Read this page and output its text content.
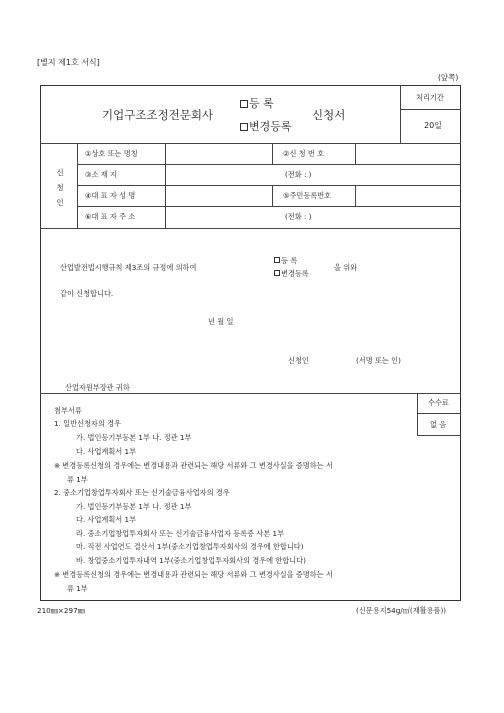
[별지 제1호 서식]
(앞쪽)
기업구조조정전문회사
등 록
변경등록
신청서
처리기간
20일
신
청
인
①상호 또는 명칭	②신 청 번 호
③소 재 지	(전화 : )
④대 표 자 성 명	⑤주민등록번호
⑥대 표 자 주 소	(전화 : )
산업발전법시행규칙 제3조의 규정에 의하여
등 록
변경등록
을 위와
같이 신청합니다.
년 월 일
신청인	(서명 또는 인)
산업자원부장관 귀하
수수료
없 음
첨부서류
1. 일반신청자의 경우
가. 법인등기부등본 1부 나. 정관 1부
다. 사업계획서 1부
※ 변경등록신청의 경우에는 변경내용과 관련되는 해당 서류와 그 변경사실을 증명하는 서
류 1부
2. 중소기업창업투자회사 또는 신기술금융사업자의 경우
가. 법인등기부등본 1부 나. 정관 1부
다. 사업계획서 1부
라. 중소기업창업투자회사 또는 신기술금융사업자 등록증 사본 1부
마. 직전 사업연도 결산서 1부(중소기업창업투자회사의 경우에 한합니다)
바. 창업중소기업투자내역 1부(중소기업창업투자회사의 경우에 한합니다)
※ 변경등록신청의 경우에는 변경내용과 관련되는 해당 서류와 그 변경사실을 증명하는 서
류 1부
210㎜×297㎜	(신문용지54g/㎡(재활용품))
